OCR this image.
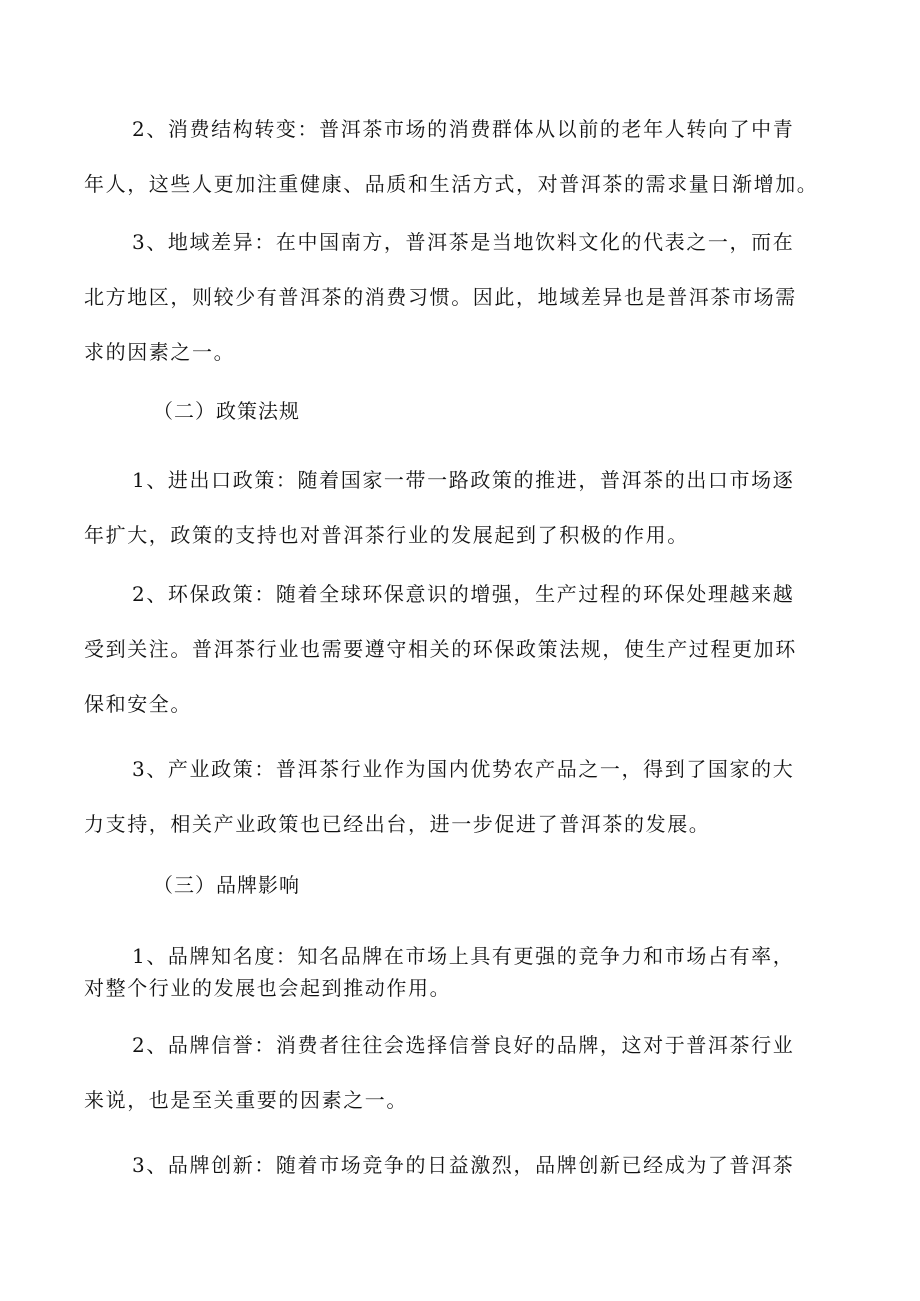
2、消费结构转变：普洱茶市场的消费群体从以前的老年人转向了中青
年人，这些人更加注重健康、品质和生活方式，对普洱茶的需求量日渐增加。
3、地域差异：在中国南方，普洱茶是当地饮料文化的代表之一，而在
北方地区，则较少有普洱茶的消费习惯。因此，地域差异也是普洱茶市场需
求的因素之一。
（二）政策法规
1、进出口政策：随着国家一带一路政策的推进，普洱茶的出口市场逐
年扩大，政策的支持也对普洱茶行业的发展起到了积极的作用。
2、环保政策：随着全球环保意识的增强，生产过程的环保处理越来越
受到关注。普洱茶行业也需要遵守相关的环保政策法规，使生产过程更加环
保和安全。
3、产业政策：普洱茶行业作为国内优势农产品之一，得到了国家的大
力支持，相关产业政策也已经出台，进一步促进了普洱茶的发展。
（三）品牌影响
1、品牌知名度：知名品牌在市场上具有更强的竞争力和市场占有率，
对整个行业的发展也会起到推动作用。
2、品牌信誉：消费者往往会选择信誉良好的品牌，这对于普洱茶行业
来说，也是至关重要的因素之一。
3、品牌创新：随着市场竞争的日益激烈，品牌创新已经成为了普洱茶
